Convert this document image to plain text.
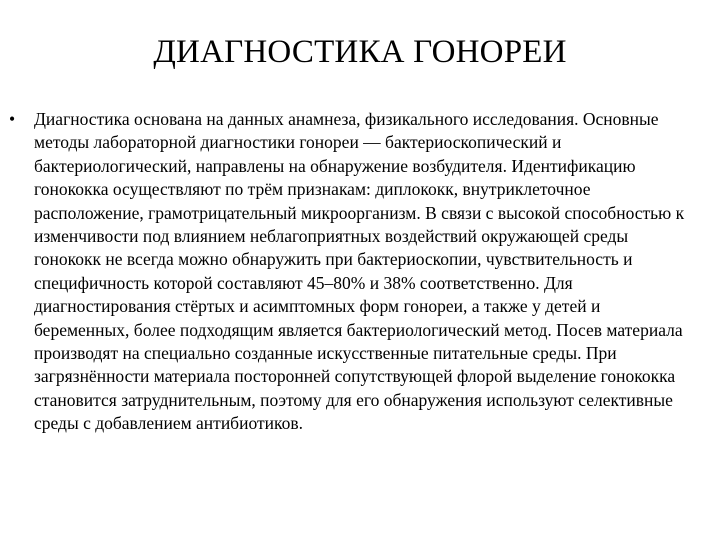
ДИАГНОСТИКА ГОНОРЕИ
• Диагностика основана на данных анамнеза, физикального исследования. Основные методы лабораторной диагностики гонореи — бактериоскопический и бактериологический, направлены на обнаружение возбудителя. Идентификацию гонококка осуществляют по трём признакам: диплококк, внутриклеточное расположение, грамотрицательный микроорганизм. В связи с высокой способностью к изменчивости под влиянием неблагоприятных воздействий окружающей среды гонококк не всегда можно обнаружить при бактериоскопии, чувствительность и специфичность которой составляют 45–80% и 38% соответственно. Для диагностирования стёртых и асимптомных форм гонореи, а также у детей и беременных, более подходящим является бактериологический метод. Посев материала производят на специально созданные искусственные питательные среды. При загрязнённости материала посторонней сопутствующей флорой выделение гонококка становится затруднительным, поэтому для его обнаружения используют селективные среды с добавлением антибиотиков.
